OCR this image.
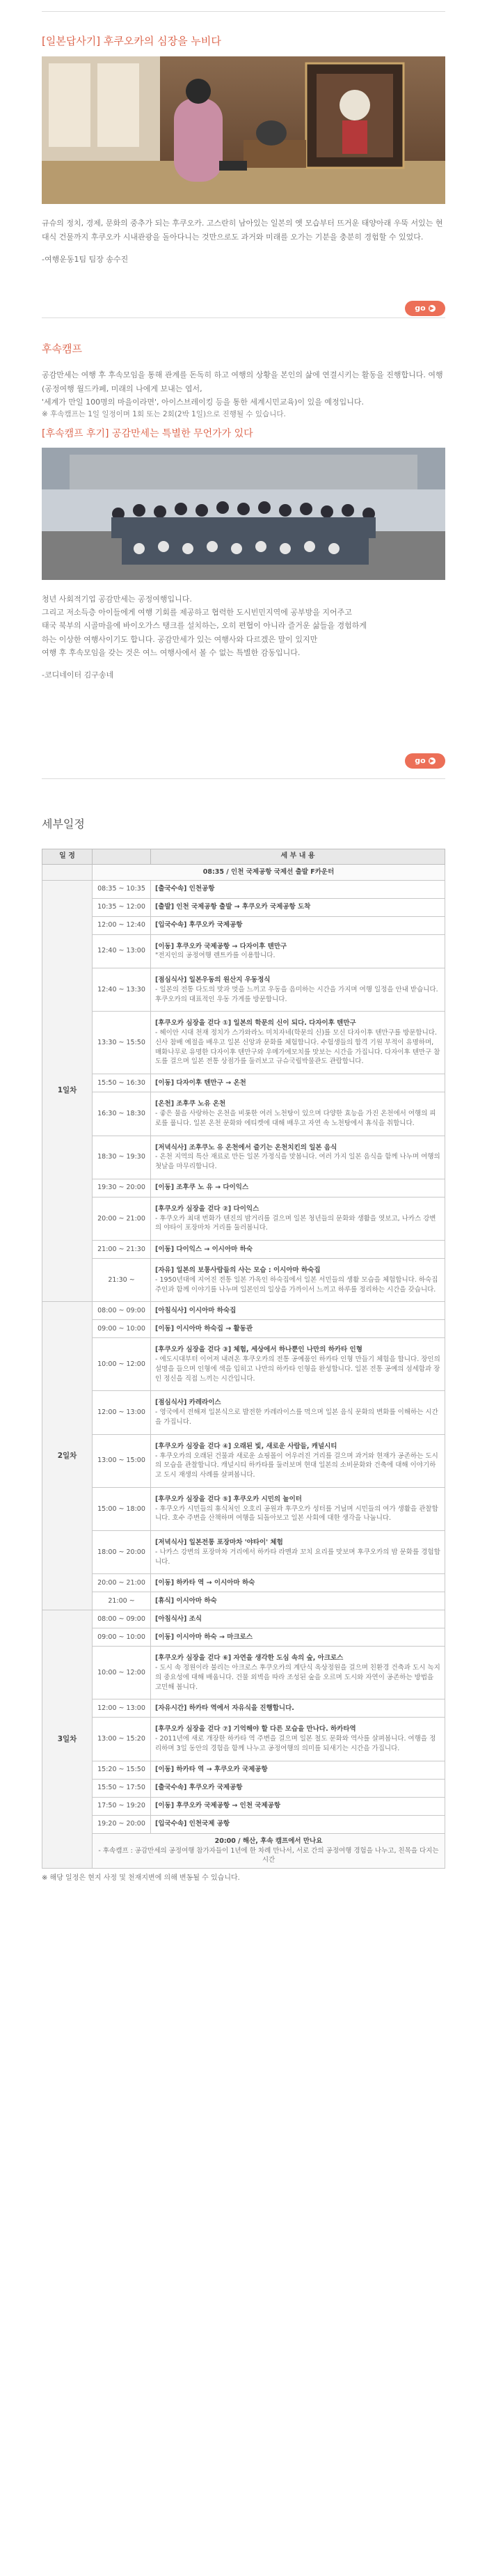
[일본답사기] 후쿠오카의 심장을 누비다
규슈의 정치, 경제, 문화의 중추가 되는 후쿠오카. 고스란히 남아있는 일본의 옛 모습부터 뜨거운 태양아래 우뚝 서있는 현대식 건물까지 후쿠오카 시내관광을 돌아다니는 것만으로도 과거와 미래를 오가는 기분을 충분히 경험할 수 있었다.
-여행운동1팀 팀장 송수진
go ▶
후속캠프
공감만세는 여행 후 후속모임을 통해 관계를 돈독히 하고 여행의 상황을 본인의 삶에 연결시키는 활동을 진행합니다. 여행(공정여행 월드카페, 미래의 나에게 보내는 엽서,
'세계가 만일 100명의 마을이라면', 아이스브레이킹 등을 통한 세계시민교육)이 있을 예정입니다.
※ 후속캠프는 1일 일정이며 1회 또는 2회(2박 1일)으로 진행될 수 있습니다.
[후속캠프 후기] 공감만세는 특별한 무언가가 있다
청년 사회적기업 공감만세는 공정여행입니다.
그리고 저소득층 아이들에게 여행 기회를 제공하고 협력한 도시빈민지역에 공부방을 지어주고
태국 북부의 시골마을에 바이오가스 탱크를 설치하는, 오히 편협이 아니라 즐거운 삶들을 경험하게
하는 이상한 여행사이기도 합니다. 공감만세가 있는 여행사와 다르겠은 말이 있지만
여행 후 후속모임을 갖는 것은 여느 여행사에서 볼 수 없는 특별한 감동입니다.
-코디네이터 김구송네
go ▶
세부일정
일 정		세 부 내 용
	08:35 / 인천 국제공항 국제선 출발 F카운터	
1일차	08:35 ~ 10:35	[출국수속] 인천공항

	10:35 ~ 12:00	[출발] 인천 국제공항 출발 → 후쿠오카 국제공항 도착

	12:00 ~ 12:40	[입국수속] 후쿠오카 국제공항

	12:40 ~ 13:00	[이동] 후쿠오카 국제공항 → 다자이후 텐만구
"전지인의 공정여행 렌트카를 이용합니다.

	12:40 ~ 13:30	[점심식사] 일본우동의 원산지 우동정식
- 일본의 전통 다도의 맛과 멋을 느끼고 우동을 음미하는 시간을 가지며 여행 일정을 안내 받습니다. 후쿠오카의 대표적인 우동 가게를 방문합니다.

	13:30 ~ 15:50	[후쿠오카 심장을 걷다 ①] 일본의 학문의 신이 되다. 다자이후 텐만구
- 헤이안 시대 천재 정치가 스가와라노 미치자네(학문의 신)를 모신 다자이후 텐만구를 방문합니다. 신사 참배 예절을 배우고 일본 신앙과 문화를 체험합니다. 수험생들의 합격 기원 부적이 유명하며, 매화나무로 유명한 다자이후 텐만구와 우메가에모치를 맛보는 시간을 가집니다. 다자이후 텐만구 참도를 걸으며 일본 전통 상점가를 둘러보고 규슈국립박물관도 관람합니다.

	15:50 ~ 16:30	[이동] 다자이후 텐만구 → 온천

	16:30 ~ 18:30	[온천] 조후쿠 노유 온천
- 좋은 물을 사랑하는 온천을 비롯한 여러 노천탕이 있으며 다양한 효능을 가진 온천에서 여행의 피로를 풉니다. 일본 온천 문화와 에티켓에 대해 배우고 자연 속 노천탕에서 휴식을 취합니다.

	18:30 ~ 19:30	[저녁식사] 조후쿠노 유 온천에서 즐기는 온천치킨의 일본 음식
- 온천 지역의 특산 재료로 만든 일본 가정식을 맛봅니다. 여러 가지 일본 음식을 함께 나누며 여행의 첫날을 마무리합니다.

	19:30 ~ 20:00	[이동] 조후쿠 노 유 → 다이익스

	20:00 ~ 21:00	[후쿠오카 심장을 걷다 ②] 다이익스
- 후쿠오카 최대 번화가 텐진의 밤거리를 걸으며 일본 청년들의 문화와 생활을 엿보고, 나카스 강변의 야타이 포장마차 거리를 둘러봅니다.

	21:00 ~ 21:30	[이동] 다이익스 → 이시아마 하숙

	21:30 ~	[자유] 일본의 보통사람들의 사는 모습 : 이시아마 하숙집
- 1950년대에 지어진 전통 일본 가옥인 하숙집에서 일본 서민들의 생활 모습을 체험합니다. 하숙집 주인과 함께 이야기를 나누며 일본인의 일상을 가까이서 느끼고 하루를 정리하는 시간을 갖습니다.

2일차	08:00 ~ 09:00	[아침식사] 이시아마 하숙집

	09:00 ~ 10:00	[이동] 이시아마 하숙집 → 활동관

	10:00 ~ 12:00	[후쿠오카 심장을 걷다 ③] 체험, 세상에서 하나뿐인 나만의 하카타 인형
- 에도시대부터 이어져 내려온 후쿠오카의 전통 공예품인 하카타 인형 만들기 체험을 합니다. 장인의 설명을 들으며 인형에 색을 입히고 나만의 하카타 인형을 완성합니다. 일본 전통 공예의 섬세함과 장인 정신을 직접 느끼는 시간입니다.

	12:00 ~ 13:00	[점심식사] 카레라이스
- 영국에서 전해져 일본식으로 발전한 카레라이스를 먹으며 일본 음식 문화의 변화를 이해하는 시간을 가집니다.

	13:00 ~ 15:00	[후쿠오카 심장을 걷다 ④] 오래된 빛, 새로운 사람들, 캐널시티
- 후쿠오카의 오래된 건물과 새로운 쇼핑몰이 어우러진 거리를 걸으며 과거와 현재가 공존하는 도시의 모습을 관찰합니다. 캐널시티 하카타를 둘러보며 현대 일본의 소비문화와 건축에 대해 이야기하고 도시 재생의 사례를 살펴봅니다.

	15:00 ~ 18:00	[후쿠오카 심장을 걷다 ⑤] 후쿠오카 시민의 놀이터
- 후쿠오카 시민들의 휴식처인 오호리 공원과 후쿠오카 성터를 거닐며 시민들의 여가 생활을 관찰합니다. 호수 주변을 산책하며 여행을 되돌아보고 일본 사회에 대한 생각을 나눕니다.

	18:00 ~ 20:00	[저녁식사] 일본전통 포장마차 '야타이' 체험
- 나카스 강변의 포장마차 거리에서 하카타 라멘과 꼬치 요리를 맛보며 후쿠오카의 밤 문화를 경험합니다.

	20:00 ~ 21:00	[이동] 하카타 역 → 이시아마 하숙

	21:00 ~	[휴식] 이시아마 하숙

3일차	08:00 ~ 09:00	[아침식사] 조식

	09:00 ~ 10:00	[이동] 이시아마 하숙 → 마크로스

	10:00 ~ 12:00	[후쿠오카 심장을 걷다 ⑥] 자연을 생각한 도심 속의 숲, 아크로스
- 도시 속 정원이라 불리는 아크로스 후쿠오카의 계단식 옥상정원을 걸으며 친환경 건축과 도시 녹지의 중요성에 대해 배웁니다. 건물 외벽을 따라 조성된 숲을 오르며 도시와 자연이 공존하는 방법을 고민해 봅니다.

	12:00 ~ 13:00	[자유시간] 하카타 역에서 자유식을 진행합니다.

	13:00 ~ 15:20	[후쿠오카 심장을 걷다 ⑦] 기억해야 할 다른 모습을 만나다. 하카타역
- 2011년에 새로 개장한 하카타 역 주변을 걸으며 일본 철도 문화와 역사를 살펴봅니다. 여행을 정리하며 3일 동안의 경험을 함께 나누고 공정여행의 의미를 되새기는 시간을 가집니다.

	15:20 ~ 15:50	[이동] 하카타 역 → 후쿠오카 국제공항

	15:50 ~ 17:50	[출국수속] 후쿠오카 국제공항

	17:50 ~ 19:20	[이동] 후쿠오카 국제공항 → 인천 국제공항

	19:20 ~ 20:00	[입국수속] 인천국제 공항

	20:00 / 해산, 후속 캠프에서 만나요
- 후속캠프 : 공감만세의 공정여행 참가자들이 1년에 한 차례 만나서, 서로 간의 공정여행 경험을 나누고, 친목을 다지는 시간	
※ 해당 일정은 현지 사정 및 천재지변에 의해 변동될 수 있습니다.
